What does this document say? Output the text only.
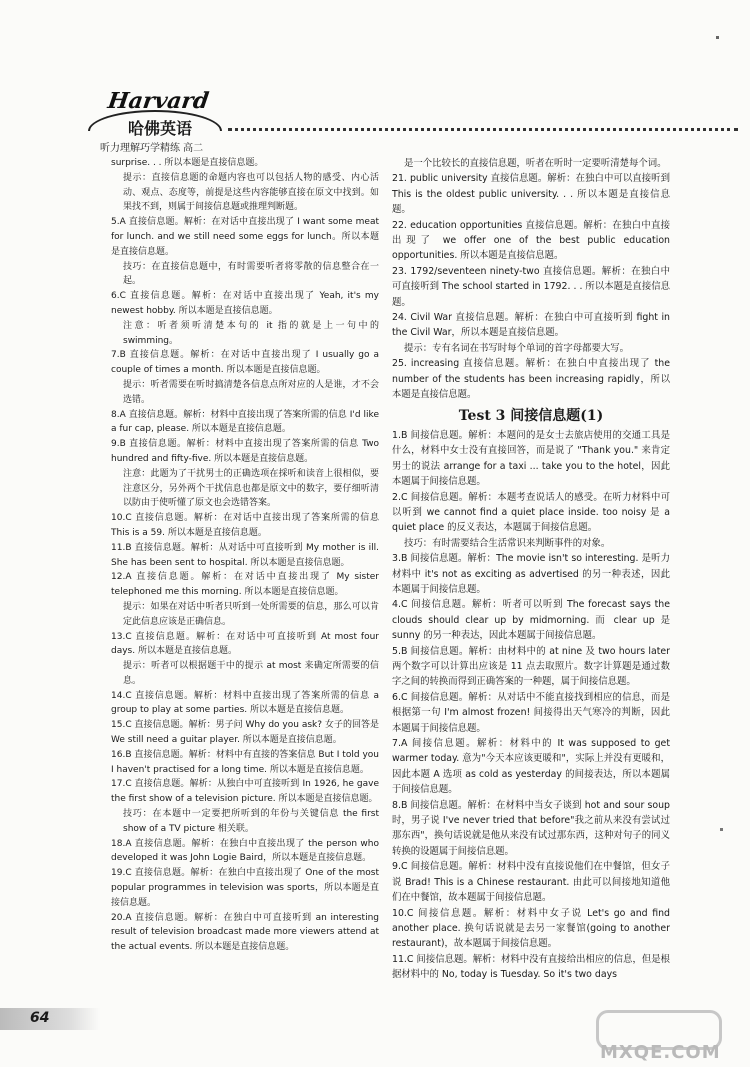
Harvard
哈佛英语
听力理解巧学精练 高二
surprise. . . 所以本题是直接信息题。
提示：直接信息题的命题内容也可以包括人物的感受、内心活动、观点、态度等，前提是这些内容能够直接在原文中找到。如果找不到，则属于间接信息题或推理判断题。
5.A 直接信息题。解析：在对话中直接出现了 I want some meat for lunch. and we still need some eggs for lunch。所以本题是直接信息题。
技巧：在直接信息题中，有时需要听者将零散的信息整合在一起。
6.C 直接信息题。解析：在对话中直接出现了 Yeah, it's my newest hobby. 所以本题是直接信息题。
注意：听者须听清楚本句的 it 指的就是上一句中的 swimming。
7.B 直接信息题。解析：在对话中直接出现了 I usually go a couple of times a month. 所以本题是直接信息题。
提示：听者需要在听时搞清楚各信息点所对应的人是谁，才不会选错。
8.A 直接信息题。解析：材料中直接出现了答案所需的信息 I'd like a fur cap, please. 所以本题是直接信息题。
9.B 直接信息题。解析：材料中直接出现了答案所需的信息 Two hundred and fifty-five. 所以本题是直接信息题。
注意：此题为了干扰男士的正确选项在採听和读音上很相似，要注意区分，另外两个干扰信息也都是原文中的数字，要仔细听清以防由于使听懂了原文也会选错答案。
10.C 直接信息题。解析：在对话中直接出现了答案所需的信息 This is a 59. 所以本题是直接信息题。
11.B 直接信息题。解析：从对话中可直接听到 My mother is ill. She has been sent to hospital. 所以本题是直接信息题。
12.A 直接信息题。解析：在对话中直接出现了 My sister telephoned me this morning. 所以本题是直接信息题。
提示：如果在对话中听者只听到一处所需要的信息，那么可以肯定此信息应该是正确信息。
13.C 直接信息题。解析：在对话中可直接听到 At most four days. 所以本题是直接信息题。
提示：听者可以根据题干中的提示 at most 来确定所需要的信息。
14.C 直接信息题。解析：材料中直接出现了答案所需的信息 a group to play at some parties. 所以本题是直接信息题。
15.C 直接信息题。解析：男子问 Why do you ask? 女子的回答是 We still need a guitar player. 所以本题是直接信息题。
16.B 直接信息题。解析：材料中有直接的答案信息 But I told you I haven't practised for a long time. 所以本题是直接信息题。
17.C 直接信息题。解析：从独白中可直接听到 In 1926, he gave the first show of a television picture. 所以本题是直接信息题。
技巧：在本题中一定要把所听到的年份与关键信息 the first show of a TV picture 相关联。
18.A 直接信息题。解析：在独白中直接出现了 the person who developed it was John Logie Baird，所以本题是直接信息题。
19.C 直接信息题。解析：在独白中直接出现了 One of the most popular programmes in television was sports，所以本题是直接信息题。
20.A 直接信息题。解析：在独白中可直接听到 an interesting result of television broadcast made more viewers attend at the actual events. 所以本题是直接信息题。
是一个比较长的直接信息题，听者在听时一定要听清楚每个词。
21. public university 直接信息题。解析：在独白中可以直接听到 This is the oldest public university. . . 所以本题是直接信息题。
22. education opportunities 直接信息题。解析：在独白中直接出现了 we offer one of the best public education opportunities. 所以本题是直接信息题。
23. 1792/seventeen ninety-two 直接信息题。解析：在独白中可直接听到 The school started in 1792. . . 所以本题是直接信息题。
24. Civil War 直接信息题。解析：在独白中可直接听到 fight in the Civil War，所以本题是直接信息题。
提示：专有名词在书写时每个单词的首字母都要大写。
25. increasing 直接信息题。解析：在独白中直接出现了 the number of the students has been increasing rapidly，所以本题是直接信息题。
Test 3 间接信息题(1)
1.B 间接信息题。解析：本题问的是女士去旅店使用的交通工具是什么，材料中女士没有直接回答，而是说了 "Thank you." 来肯定男士的说法 arrange for a taxi ... take you to the hotel，因此本题属于间接信息题。
2.C 间接信息题。解析：本题考查说话人的感受。在听力材料中可以听到 we cannot find a quiet place inside. too noisy 是 a quiet place 的反义表达，本题属于间接信息题。
技巧：有时需要结合生活常识来判断事件的对象。
3.B 间接信息题。解析：The movie isn't so interesting. 是听力材料中 it's not as exciting as advertised 的另一种表述，因此本题属于间接信息题。
4.C 间接信息题。解析：听者可以听到 The forecast says the clouds should clear up by midmorning. 而 clear up 是 sunny 的另一种表达，因此本题属于间接信息题。
5.B 间接信息题。解析：由材料中的 at nine 及 two hours later 两个数字可以计算出应该是 11 点去取照片。数字计算题是通过数字之间的转换而得到正确答案的一种题，属于间接信息题。
6.C 间接信息题。解析：从对话中不能直接找到相应的信息，而是根据第一句 I'm almost frozen! 间接得出天气寒冷的判断，因此本题属于间接信息题。
7.A 间接信息题。解析：材料中的 It was supposed to get warmer today. 意为"今天本应该更暖和"，实际上并没有更暖和，因此本题 A 选项 as cold as yesterday 的间接表达，所以本题属于间接信息题。
8.B 间接信息题。解析：在材料中当女子谈到 hot and sour soup 时，男子说 I've never tried that before"我之前从来没有尝试过那东西"，换句话说就是他从来没有试过那东西，这种对句子的同义转换的设题属于间接信息题。
9.C 间接信息题。解析：材料中没有直接说他们在中餐馆，但女子说 Brad! This is a Chinese restaurant. 由此可以间接地知道他们在中餐馆，故本题属于间接信息题。
10.C 间接信息题。解析：材料中女子说 Let's go and find another place. 换句话说就是去另一家餐馆(going to another restaurant)，故本题属于间接信息题。
11.C 间接信息题。解析：材料中没有直接给出相应的信息，但是根据材料中的 No, today is Tuesday. So it's two days
64
MXQE.COM
